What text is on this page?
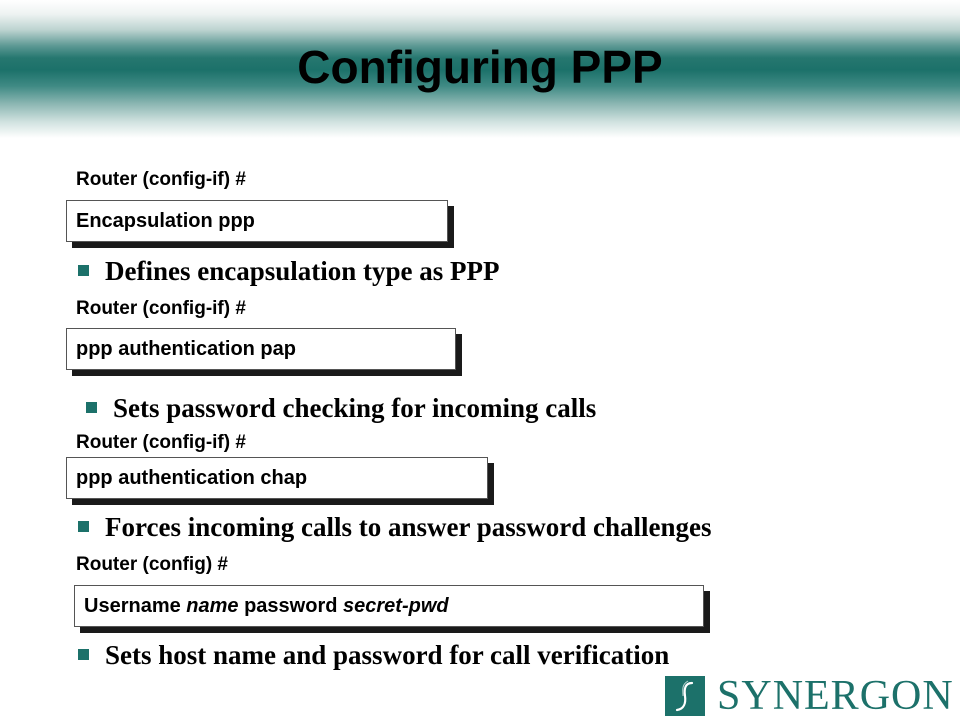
Configuring PPP
Router (config-if) #
Encapsulation ppp
Defines encapsulation type as PPP
Router (config-if) #
ppp authentication pap
Sets password checking for incoming calls
Router (config-if) #
ppp authentication chap
Forces incoming calls to answer password challenges
Router (config) #
Username name password secret-pwd
Sets host name and password for call verification
SYNERGON
